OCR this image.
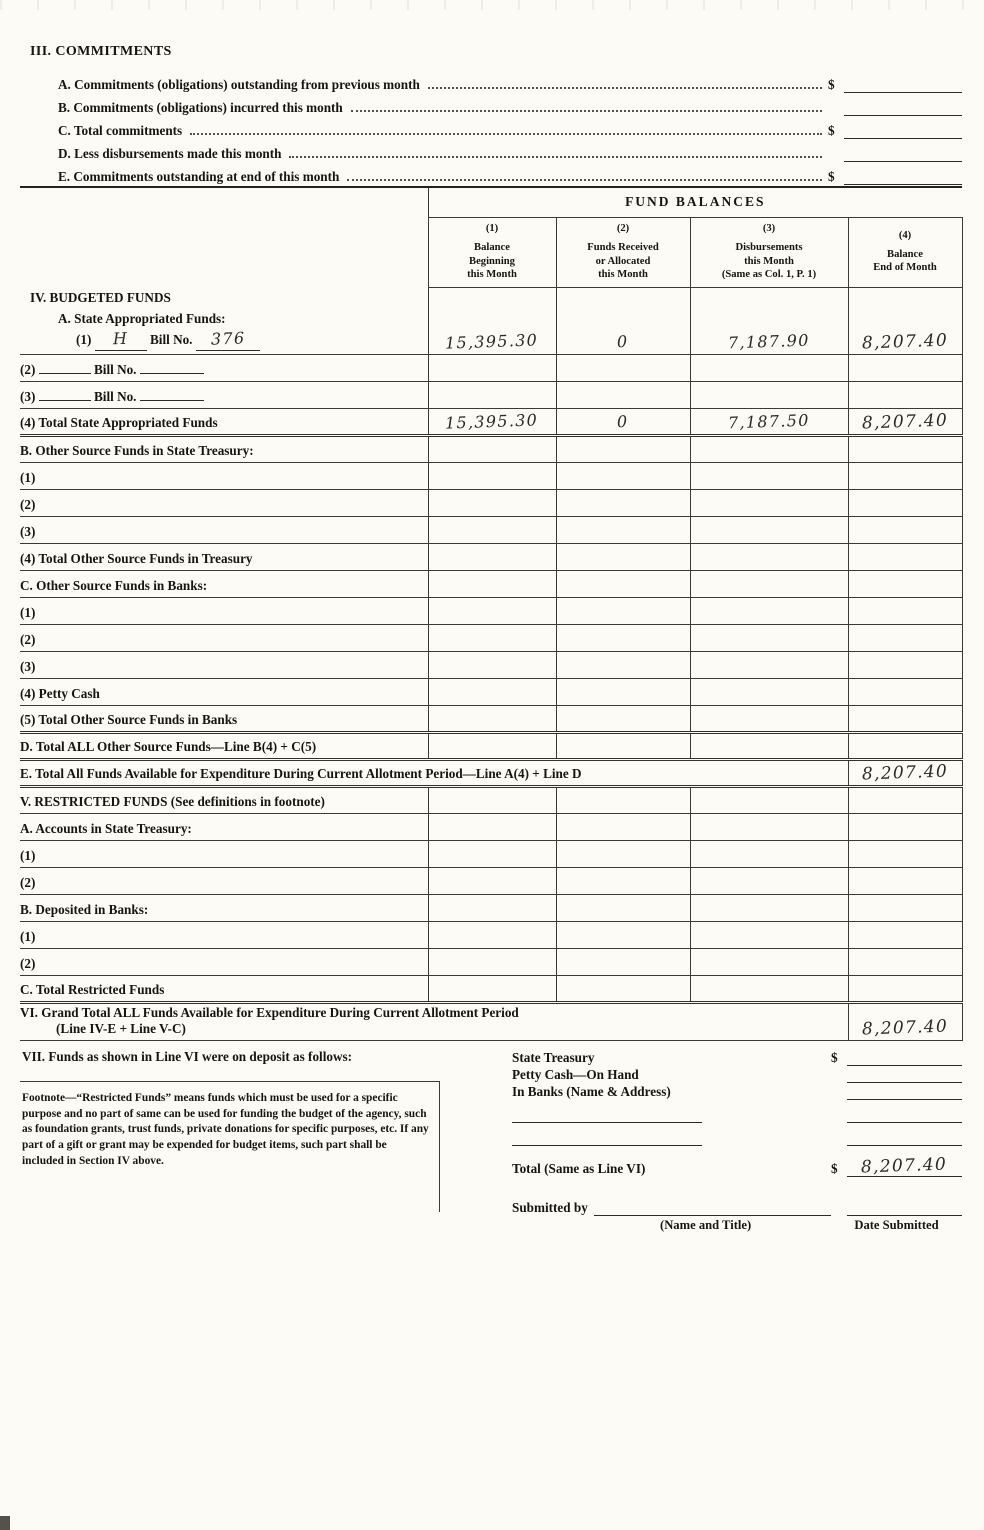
III. COMMITMENTS
A. Commitments (obligations) outstanding from previous month	$
B. Commitments (obligations) incurred this month
C. Total commitments	$
D. Less disbursements made this month
E. Commitments outstanding at end of this month	$
	FUND BALANCES			

(1)
Balance
Beginning
this Month

(2)
Funds Received
or Allocated
this Month

(3)
Disbursements
this Month
(Same as Col. 1, P. 1)

(4)
Balance
End of Month

IV. BUDGETED FUNDS
A. State Appropriated Funds:
(1) H Bill No. 376	15,395.30	0	7,187.90	8,207.40
(2) Bill No.				
(3) Bill No.				
(4) Total State Appropriated Funds	15,395.30	0	7,187.50	8,207.40
B. Other Source Funds in State Treasury:				
(1)				
(2)				
(3)				
(4) Total Other Source Funds in Treasury				
C. Other Source Funds in Banks:				
(1)				
(2)				
(3)				
(4) Petty Cash				
(5) Total Other Source Funds in Banks				
D. Total ALL Other Source Funds—Line B(4) + C(5)				
E. Total All Funds Available for Expenditure During Current Allotment Period—Line A(4) + Line D				8,207.40
V. RESTRICTED FUNDS (See definitions in footnote)				
A. Accounts in State Treasury:				
(1)				
(2)				
B. Deposited in Banks:				
(1)				
(2)				
C. Total Restricted Funds				

VI. Grand Total ALL Funds Available for Expenditure During Current Allotment Period
(Line IV-E + Line V-C)				8,207.40
VII. Funds as shown in Line VI were on deposit as follows:
Footnote—“Restricted Funds” means funds which must be used for a specific purpose and no part of same can be used for funding the budget of the agency, such as foundation grants, trust funds, private donations for specific purposes, etc. If any part of a gift or grant may be expended for budget items, such part shall be included in Section IV above.
State Treasury	$
Petty Cash—On Hand
In Banks (Name & Address)
Total (Same as Line VI)	$	8,207.40
Submitted by
(Name and Title)	Date Submitted
